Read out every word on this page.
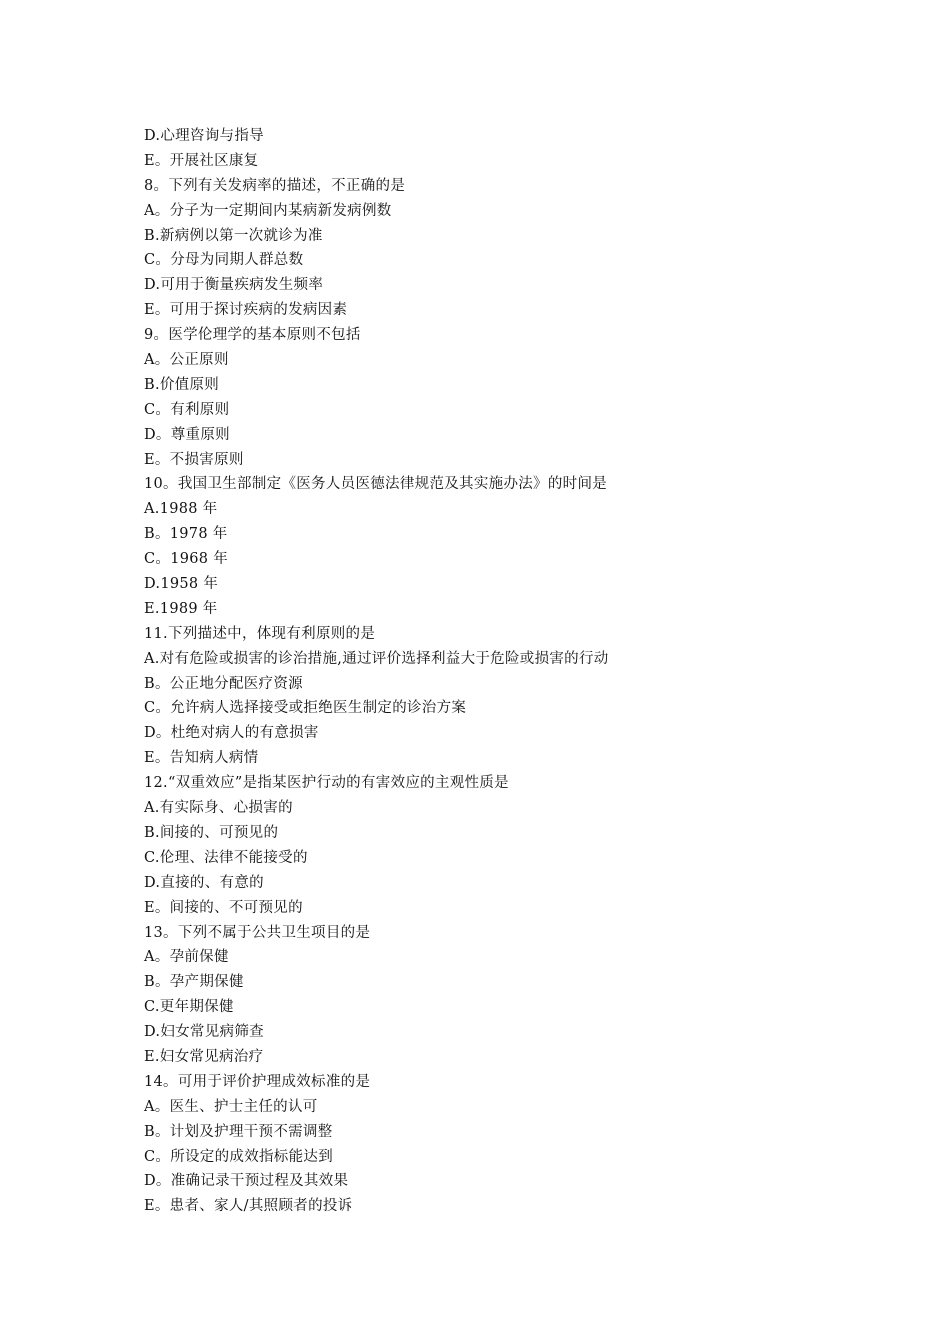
D.心理咨询与指导
E。开展社区康复
8。下列有关发病率的描述，不正确的是
A。分子为一定期间内某病新发病例数
B.新病例以第一次就诊为准
C。分母为同期人群总数
D.可用于衡量疾病发生频率
E。可用于探讨疾病的发病因素
9。医学伦理学的基本原则不包括
A。公正原则
B.价值原则
C。有利原则
D。尊重原则
E。不损害原则
10。我国卫生部制定《医务人员医德法律规范及其实施办法》的时间是
A.1988 年
B。1978 年
C。1968 年
D.1958 年
E.1989 年
11.下列描述中，体现有利原则的是
A.对有危险或损害的诊治措施,通过评价选择利益大于危险或损害的行动
B。公正地分配医疗资源
C。允许病人选择接受或拒绝医生制定的诊治方案
D。杜绝对病人的有意损害
E。告知病人病情
12.“双重效应”是指某医护行动的有害效应的主观性质是
A.有实际身、心损害的
B.间接的、可预见的
C.伦理、法律不能接受的
D.直接的、有意的
E。间接的、不可预见的
13。下列不属于公共卫生项目的是
A。孕前保健
B。孕产期保健
C.更年期保健
D.妇女常见病筛查
E.妇女常见病治疗
14。可用于评价护理成效标准的是
A。医生、护士主任的认可
B。计划及护理干预不需调整
C。所设定的成效指标能达到
D。准确记录干预过程及其效果
E。患者、家人/其照顾者的投诉
